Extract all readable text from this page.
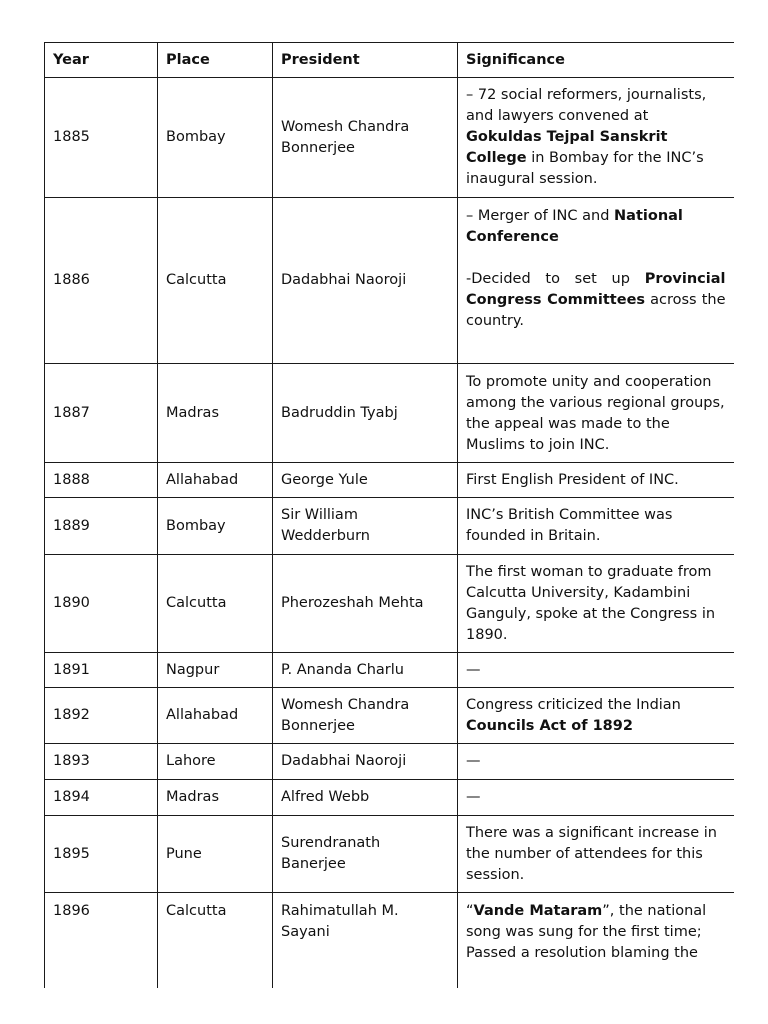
Year	Place	President	Significance
1885	Bombay	Womesh Chandra Bonnerjee	– 72 social reformers, journalists, and lawyers convened at Gokuldas Tejpal Sanskrit College in Bombay for the INC’s inaugural session.
1886	Calcutta	Dadabhai Naoroji	– Merger of INC and National Conference
-Decided to set up Provincial Congress Committees across the country.

1887	Madras	Badruddin Tyabj	To promote unity and cooperation among the various regional groups, the appeal was made to the Muslims to join INC.
1888	Allahabad	George Yule	First English President of INC.
1889	Bombay	Sir William Wedderburn	INC’s British Committee was founded in Britain.
1890	Calcutta	Pherozeshah Mehta	The first woman to graduate from Calcutta University, Kadambini Ganguly, spoke at the Congress in 1890.
1891	Nagpur	P. Ananda Charlu	—
1892	Allahabad	Womesh Chandra Bonnerjee	Congress criticized the Indian Councils Act of 1892
1893	Lahore	Dadabhai Naoroji	—
1894	Madras	Alfred Webb	—
1895	Pune	Surendranath Banerjee	There was a significant increase in the number of attendees for this session.
1896	Calcutta	Rahimatullah M. Sayani	“Vande Mataram”, the national song was sung for the first time; Passed a resolution blaming the
